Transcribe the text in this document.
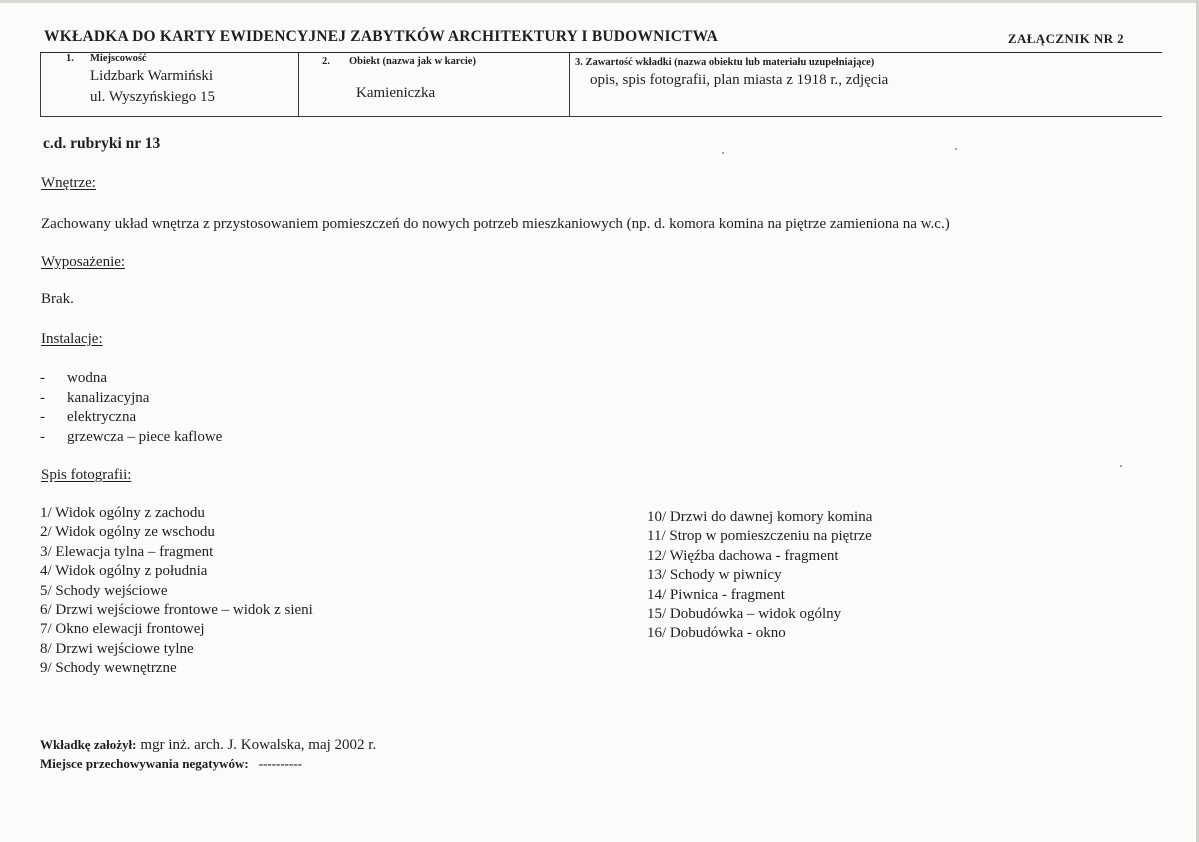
WKŁADKA DO KARTY EWIDENCYJNEJ ZABYTKÓW ARCHITEKTURY I BUDOWNICTWA	ZAŁĄCZNIK NR 2
1. Miejscowość
Lidzbark Warmiński
ul. Wyszyńskiego 15
2. Obiekt (nazwa jak w karcie)
Kamieniczka
3. Zawartość wkładki (nazwa obiektu lub materiału uzupełniające)
opis, spis fotografii, plan miasta z 1918 r., zdjęcia
c.d. rubryki nr 13
Wnętrze:
Zachowany układ wnętrza z przystosowaniem pomieszczeń do nowych potrzeb mieszkaniowych (np. d. komora komina na piętrze zamieniona na w.c.)
Wyposażenie:
Brak.
Instalacje:
- wodna
- kanalizacyjna
- elektryczna
- grzewcza – piece kaflowe
Spis fotografii:
1/ Widok ogólny z zachodu
2/ Widok ogólny ze wschodu
3/ Elewacja tylna – fragment
4/ Widok ogólny z południa
5/ Schody wejściowe
6/ Drzwi wejściowe frontowe – widok z sieni
7/ Okno elewacji frontowej
8/ Drzwi wejściowe tylne
9/ Schody wewnętrzne
10/ Drzwi do dawnej komory komina
11/ Strop w pomieszczeniu na piętrze
12/ Więźba dachowa - fragment
13/ Schody w piwnicy
14/ Piwnica - fragment
15/ Dobudówka – widok ogólny
16/ Dobudówka - okno
Wkładkę założył: mgr inż. arch. J. Kowalska, maj 2002 r.
Miejsce przechowywania negatywów: ----------
